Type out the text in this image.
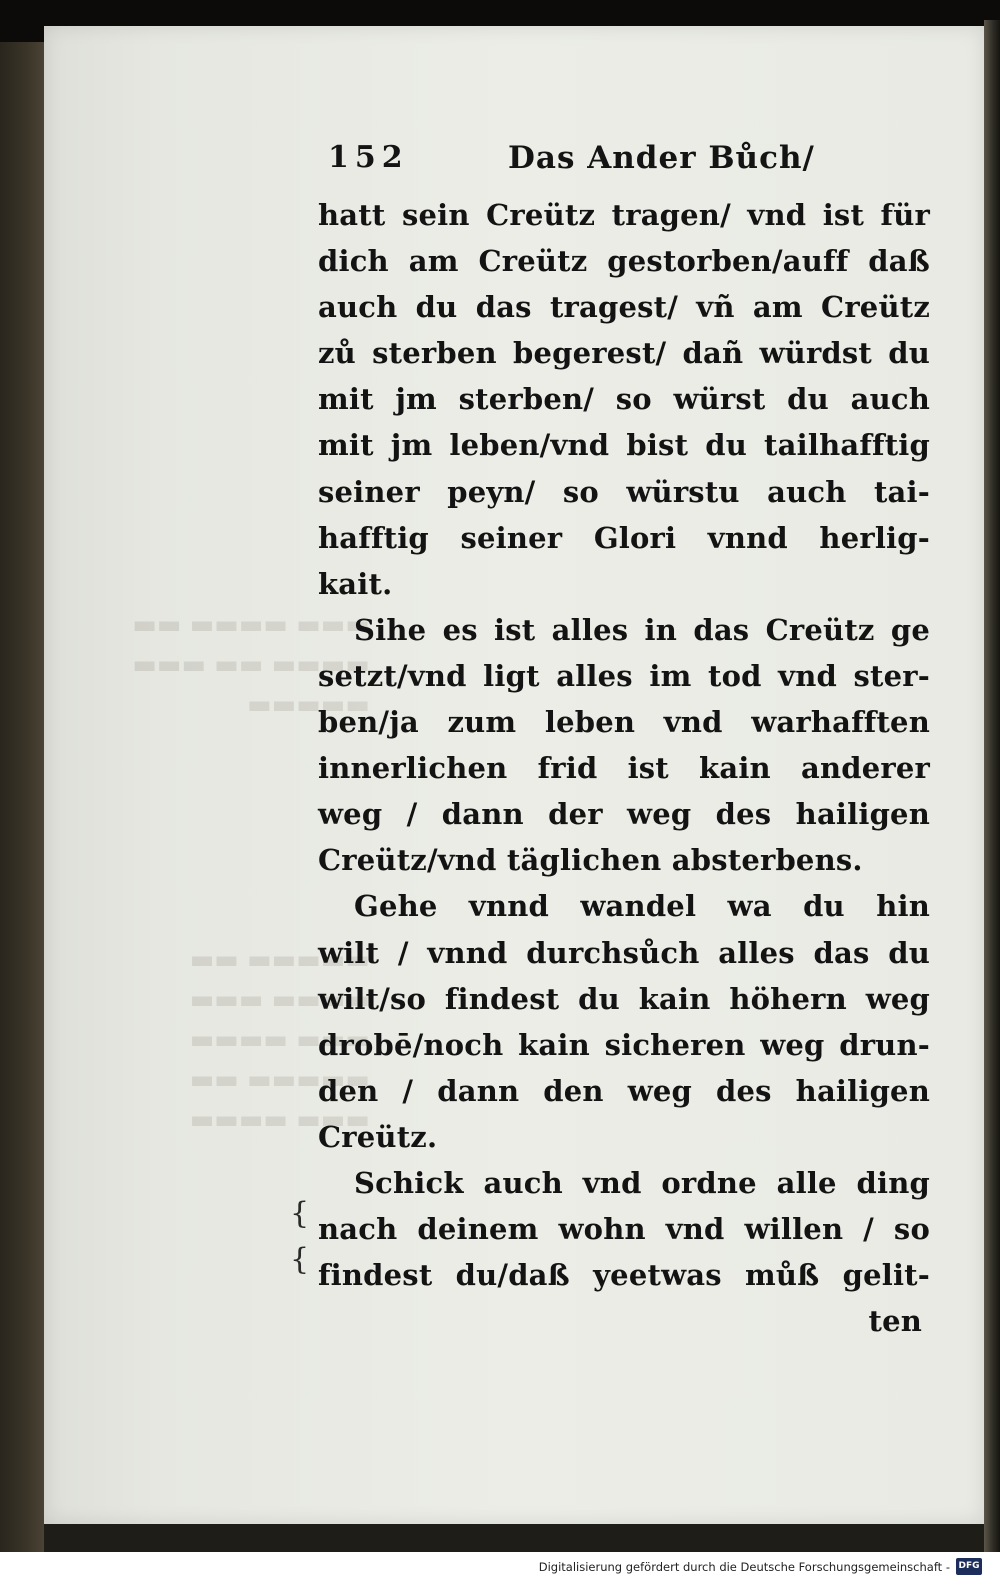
▬▬▬ ▬▬▬▬ ▬▬
▬▬▬▬ ▬▬ ▬▬▬
▬▬▬▬▬

▬▬▬▬▬ ▬▬
▬▬▬▬ ▬▬▬
▬▬▬ ▬▬▬▬
▬▬▬▬▬ ▬▬
▬▬▬ ▬▬▬▬

152	Das Ander Bůch/
hatt sein Creütz tragen/ vnd ist für
dich am Creütz gestorben/auff daß
auch du das tragest/ vñ am Creütz
zů sterben begerest/ dañ würdst du
mit jm sterben/ so würst du auch
mit jm leben/vnd bist du tailhafftig
seiner peyn/ so würstu auch tai-
hafftig seiner Glori vnnd herlig-
kait.
Sihe es ist alles in das Creütz ge
setzt/vnd ligt alles im tod vnd ster-
ben/ja zum leben vnd warhafften
innerlichen frid ist kain anderer
weg / dann der weg des hailigen
Creütz/vnd täglichen absterbens.
Gehe vnnd wandel wa du hin
wilt / vnnd durchsůch alles das du
wilt/so findest du kain höhern weg
drobē/noch kain sicheren weg drun-
den / dann den weg des hailigen
Creütz.
Schick auch vnd ordne alle ding
nach deinem wohn vnd willen / so
findest du/daß yeetwas můß gelit-
ten
{
{
Digitalisierung gefördert durch die Deutsche Forschungsgemeinschaft - DFG
